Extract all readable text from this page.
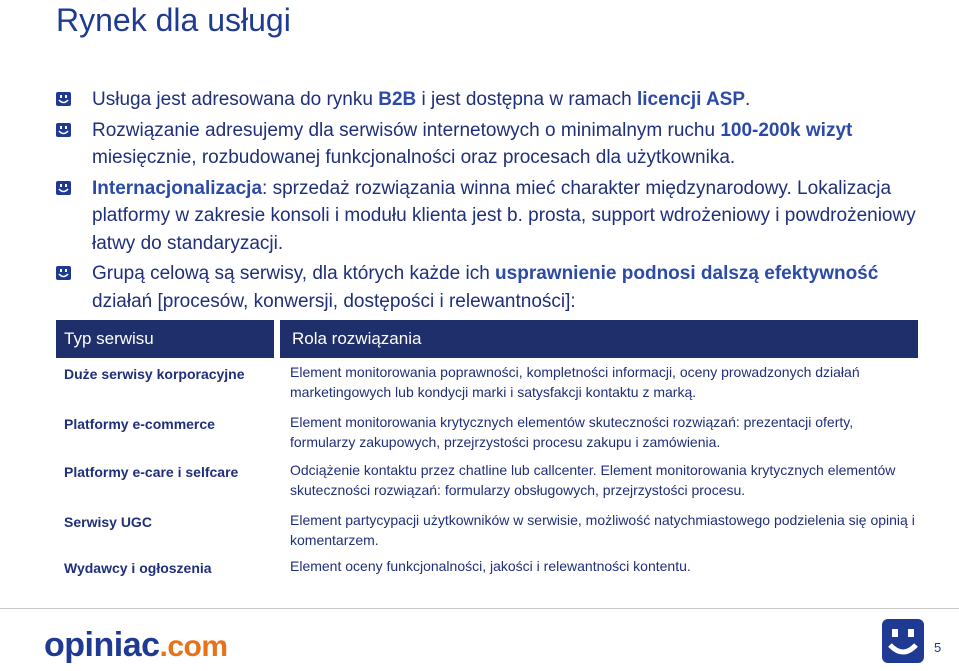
Rynek dla usługi
Usługa jest adresowana do rynku B2B i jest dostępna w ramach licencji ASP.
Rozwiązanie adresujemy dla serwisów internetowych o minimalnym ruchu 100-200k wizyt miesięcznie, rozbudowanej funkcjonalności oraz procesach dla użytkownika.
Internacjonalizacja: sprzedaż rozwiązania winna mieć charakter międzynarodowy. Lokalizacja platformy w zakresie konsoli i modułu klienta jest b. prosta, support wdrożeniowy i powdrożeniowy łatwy do standaryzacji.
Grupą celową są serwisy, dla których każde ich usprawnienie podnosi dalszą efektywność działań [procesów, konwersji, dostępości i relewantności]:
Typ serwisu	Rola rozwiązania
Duże serwisy korporacyjne	Element monitorowania poprawności, kompletności informacji, oceny prowadzonych działań marketingowych lub kondycji marki i satysfakcji kontaktu z marką.
Platformy e-commerce	Element monitorowania krytycznych elementów skuteczności rozwiązań: prezentacji oferty, formularzy zakupowych, przejrzystości procesu zakupu i zamówienia.
Platformy e-care i selfcare	Odciążenie kontaktu przez chatline lub callcenter. Element monitorowania krytycznych elementów skuteczności rozwiązań: formularzy obsługowych, przejrzystości procesu.
Serwisy UGC	Element partycypacji użytkowników w serwisie, możliwość natychmiastowego podzielenia się opinią i komentarzem.
Wydawcy i ogłoszenia	Element oceny funkcjonalności, jakości i relewantności kontentu.
opiniac.com	5
